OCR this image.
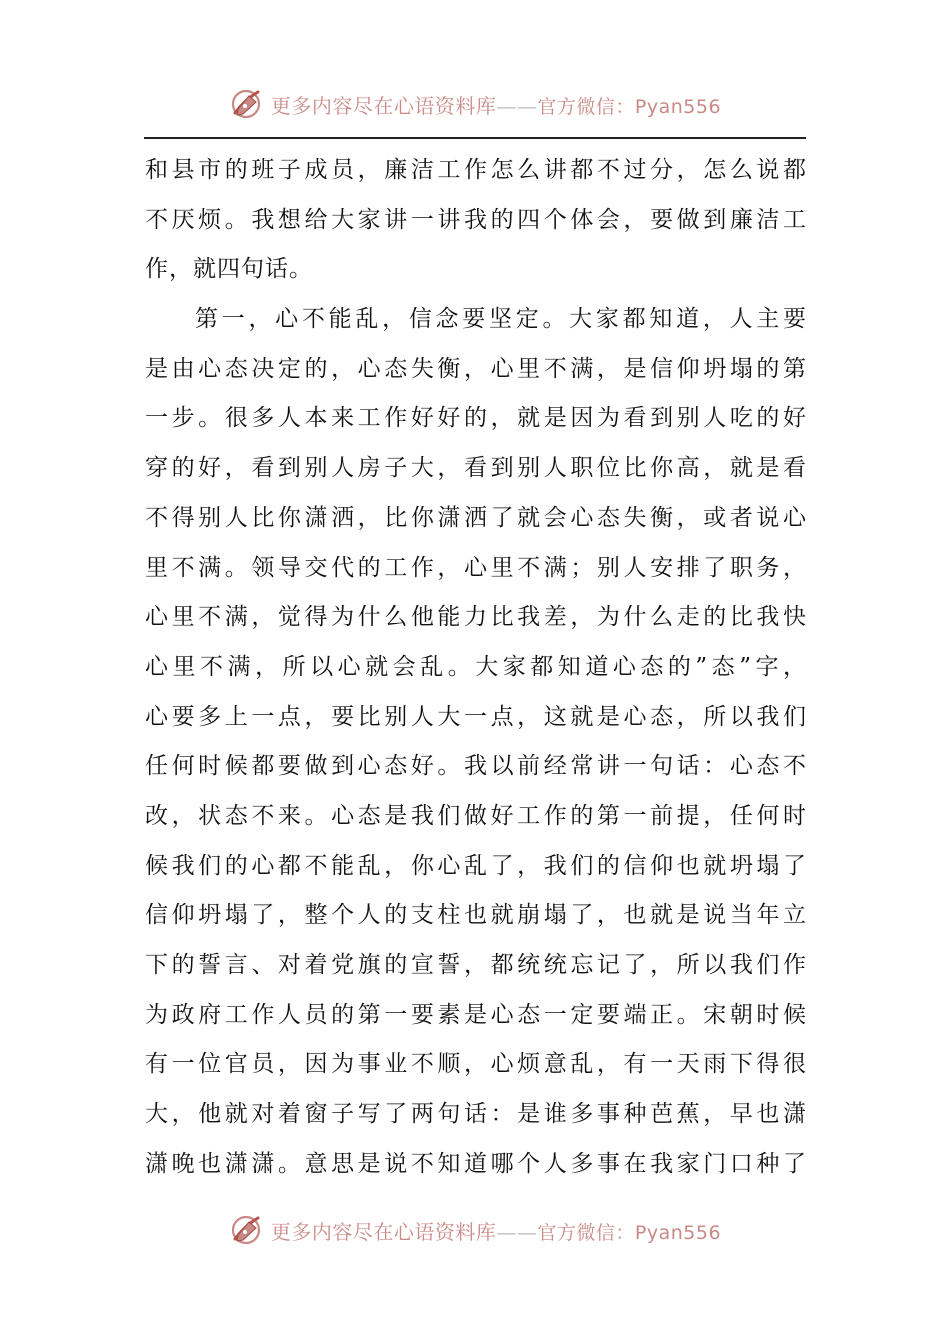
更多内容尽在心语资料库——官方微信：Pyan556
和县市的班子成员，廉洁工作怎么讲都不过分，怎么说都
不厌烦。我想给大家讲一讲我的四个体会，要做到廉洁工
作，就四句话。
第一，心不能乱，信念要坚定。大家都知道，人主要
是由心态决定的，心态失衡，心里不满，是信仰坍塌的第
一步。很多人本来工作好好的，就是因为看到别人吃的好
穿的好，看到别人房子大，看到别人职位比你高，就是看
不得别人比你潇洒，比你潇洒了就会心态失衡，或者说心
里不满。领导交代的工作，心里不满；别人安排了职务，
心里不满，觉得为什么他能力比我差，为什么走的比我快
心里不满，所以心就会乱。大家都知道心态的”态”字，
心要多上一点，要比别人大一点，这就是心态，所以我们
任何时候都要做到心态好。我以前经常讲一句话：心态不
改，状态不来。心态是我们做好工作的第一前提，任何时
候我们的心都不能乱，你心乱了，我们的信仰也就坍塌了
信仰坍塌了，整个人的支柱也就崩塌了，也就是说当年立
下的誓言、对着党旗的宣誓，都统统忘记了，所以我们作
为政府工作人员的第一要素是心态一定要端正。宋朝时候
有一位官员，因为事业不顺，心烦意乱，有一天雨下得很
大，他就对着窗子写了两句话：是谁多事种芭蕉，早也潇
潇晚也潇潇。意思是说不知道哪个人多事在我家门口种了
更多内容尽在心语资料库——官方微信：Pyan556
